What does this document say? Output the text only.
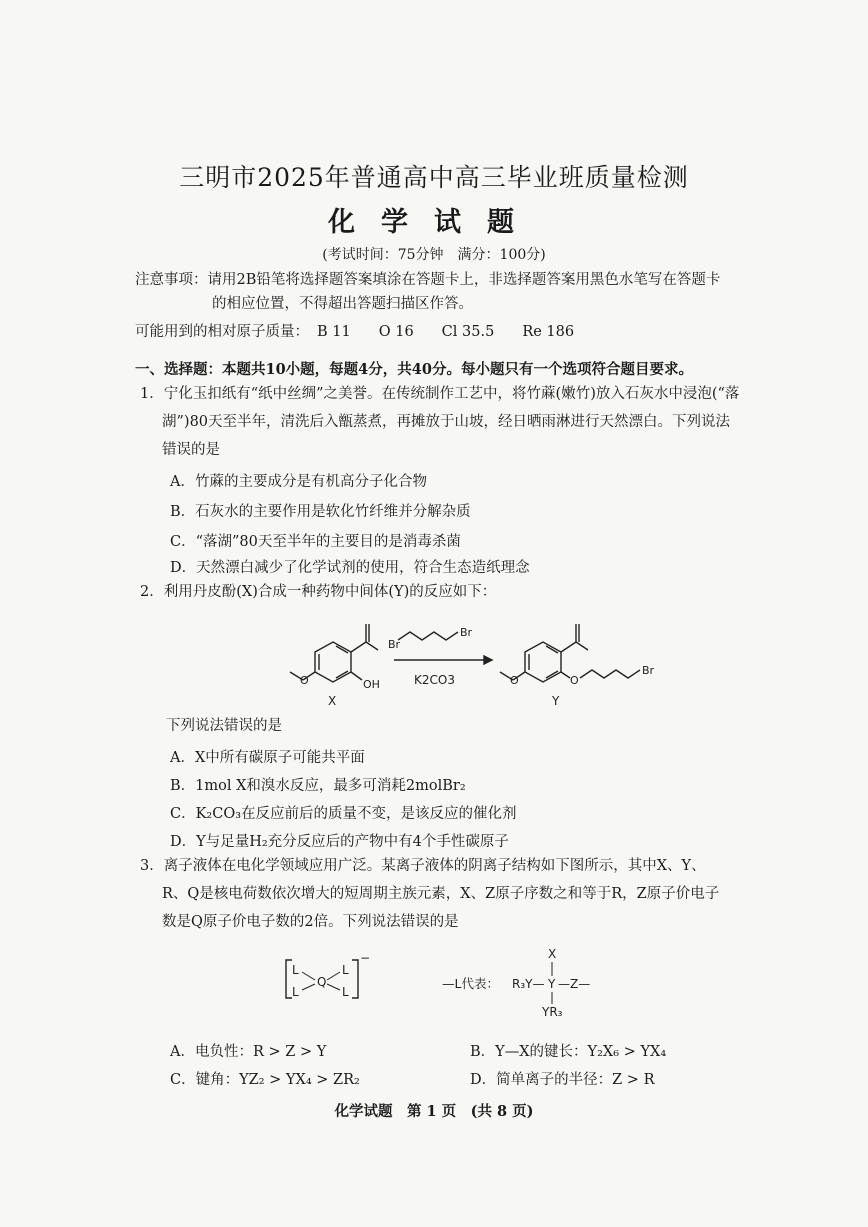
三明市2025年普通高中高三毕业班质量检测
化学试题
(考试时间：75分钟　满分：100分)
注意事项：请用2B铅笔将选择题答案填涂在答题卡上，非选择题答案用黑色水笔写在答题卡
的相应位置，不得超出答题扫描区作答。
可能用到的相对原子质量： B 11 O 16 Cl 35.5 Re 186
一、选择题：本题共10小题，每题4分，共40分。每小题只有一个选项符合题目要求。
1．宁化玉扣纸有“纸中丝绸”之美誉。在传统制作工艺中，将竹蔴(嫩竹)放入石灰水中浸泡(“落
湖”)80天至半年，清洗后入甑蒸煮，再摊放于山坡，经日晒雨淋进行天然漂白。下列说法
错误的是
A．竹蔴的主要成分是有机高分子化合物
B．石灰水的主要作用是软化竹纤维并分解杂质
C．“落湖”80天至半年的主要目的是消毒杀菌
D．天然漂白减少了化学试剂的使用，符合生态造纸理念
2．利用丹皮酚(X)合成一种药物中间体(Y)的反应如下：
O	OH
X
Br
Br
K2CO3	O	O
Br
Y
下列说法错误的是
A．X中所有碳原子可能共平面
B．1mol X和溴水反应，最多可消耗2molBr₂
C．K₂CO₃在反应前后的质量不变，是该反应的催化剂
D．Y与足量H₂充分反应后的产物中有4个手性碳原子
3．离子液体在电化学领域应用广泛。某离子液体的阴离子结构如下图所示，其中X、Y、
R、Q是核电荷数依次增大的短周期主族元素，X、Z原子序数之和等于R，Z原子价电子
数是Q原子价电子数的2倍。下列说法错误的是
L
L
L
L
Q
−
—L代表： R₃Y— Y —Z—
X
YR₃
A．电负性：R > Z > Y	B．Y—X的键长：Y₂X₆ > YX₄
C．键角：YZ₂ > YX₄ > ZR₂	D．简单离子的半径：Z > R
化学试题　第 1 页　(共 8 页)
